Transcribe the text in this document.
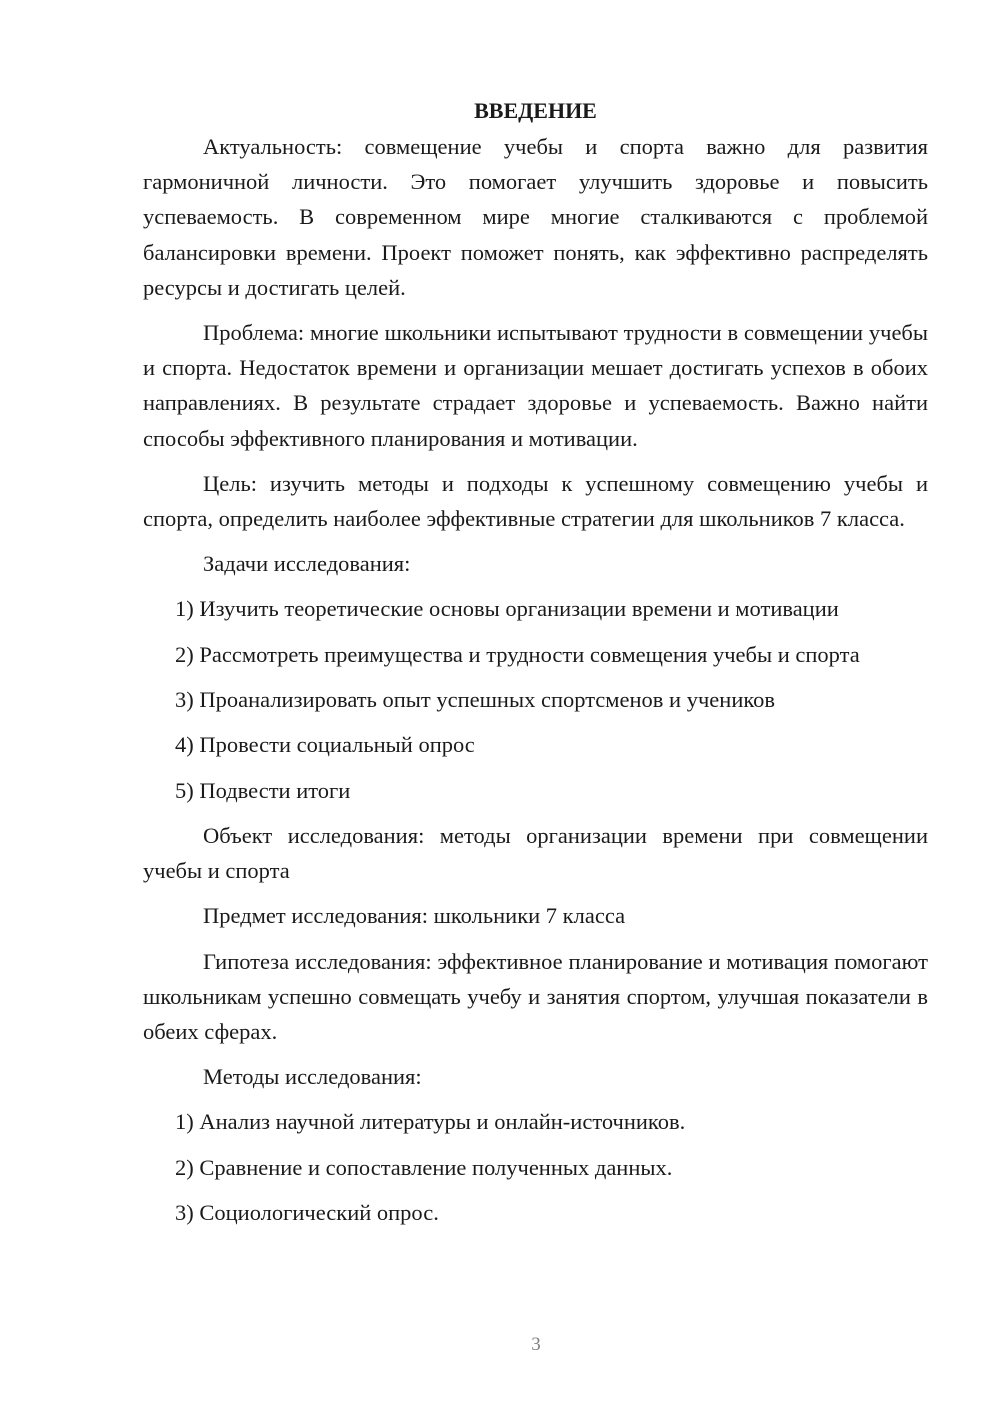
ВВЕДЕНИЕ

Актуальность: совмещение учебы и спорта важно для развития гармоничной личности. Это помогает улучшить здоровье и повысить успеваемость. В современном мире многие сталкиваются с проблемой балансировки времени. Проект поможет понять, как эффективно распределять ресурсы и достигать целей.

Проблема: многие школьники испытывают трудности в совмещении учебы и спорта. Недостаток времени и организации мешает достигать успехов в обоих направлениях. В результате страдает здоровье и успеваемость. Важно найти способы эффективного планирования и мотивации.

Цель: изучить методы и подходы к успешному совмещению учебы и спорта, определить наиболее эффективные стратегии для школьников 7 класса.

Задачи исследования:

1) Изучить теоретические основы организации времени и мотивации
2) Рассмотреть преимущества и трудности совмещения учебы и спорта
3) Проанализировать опыт успешных спортсменов и учеников
4) Провести социальный опрос
5) Подвести итоги

Объект исследования: методы организации времени при совмещении учебы и спорта

Предмет исследования: школьники 7 класса

Гипотеза исследования: эффективное планирование и мотивация помогают школьникам успешно совмещать учебу и занятия спортом, улучшая показатели в обеих сферах.

Методы исследования:

1) Анализ научной литературы и онлайн-источников.
2) Сравнение и сопоставление полученных данных.
3) Социологический опрос.
3
